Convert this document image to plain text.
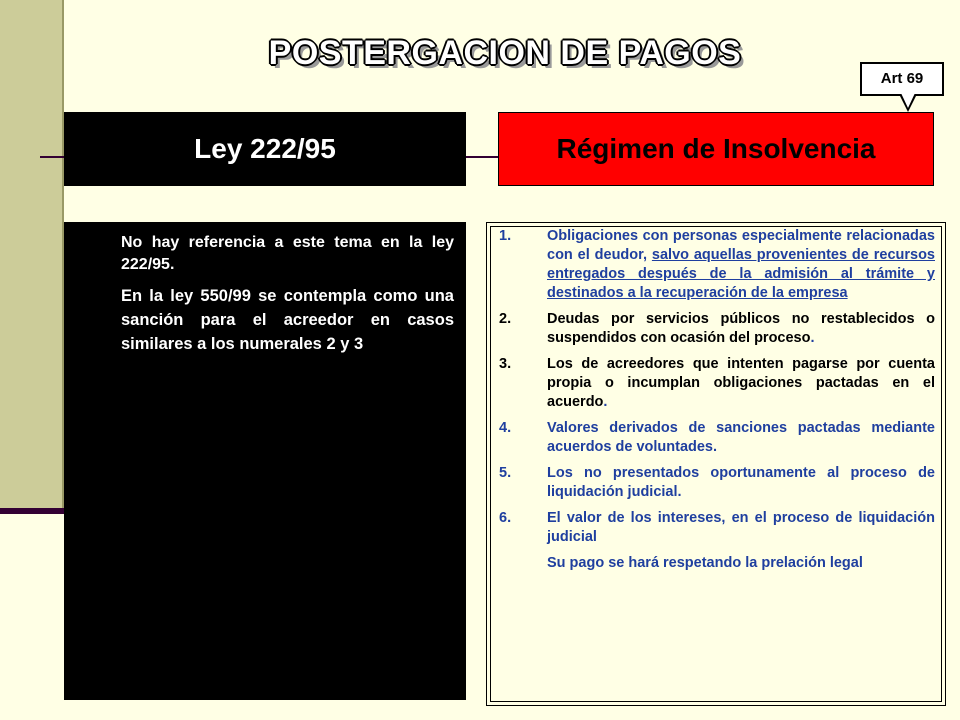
POSTERGACION DE PAGOS
Art 69
Ley 222/95	Régimen de Insolvencia

No hay referencia a este tema en la ley 222/95.

En la ley 550/99 se contempla como una sanción para el acreedor en casos similares a los numerales 2 y 3

1.	Obligaciones con personas especialmente relacionadas con el deudor, salvo aquellas provenientes de recursos entregados después de la admisión al trámite y destinados a la recuperación de la empresa
2.	Deudas por servicios públicos no restablecidos o suspendidos con ocasión del proceso.
3.	Los de acreedores que intenten pagarse por cuenta propia o incumplan obligaciones pactadas en el acuerdo.
4.	Valores derivados de sanciones pactadas mediante acuerdos de voluntades.
5.	Los no presentados oportunamente al proceso de liquidación judicial.
6.	El valor de los intereses, en el proceso de liquidación judicial
Su pago se hará respetando la prelación legal
